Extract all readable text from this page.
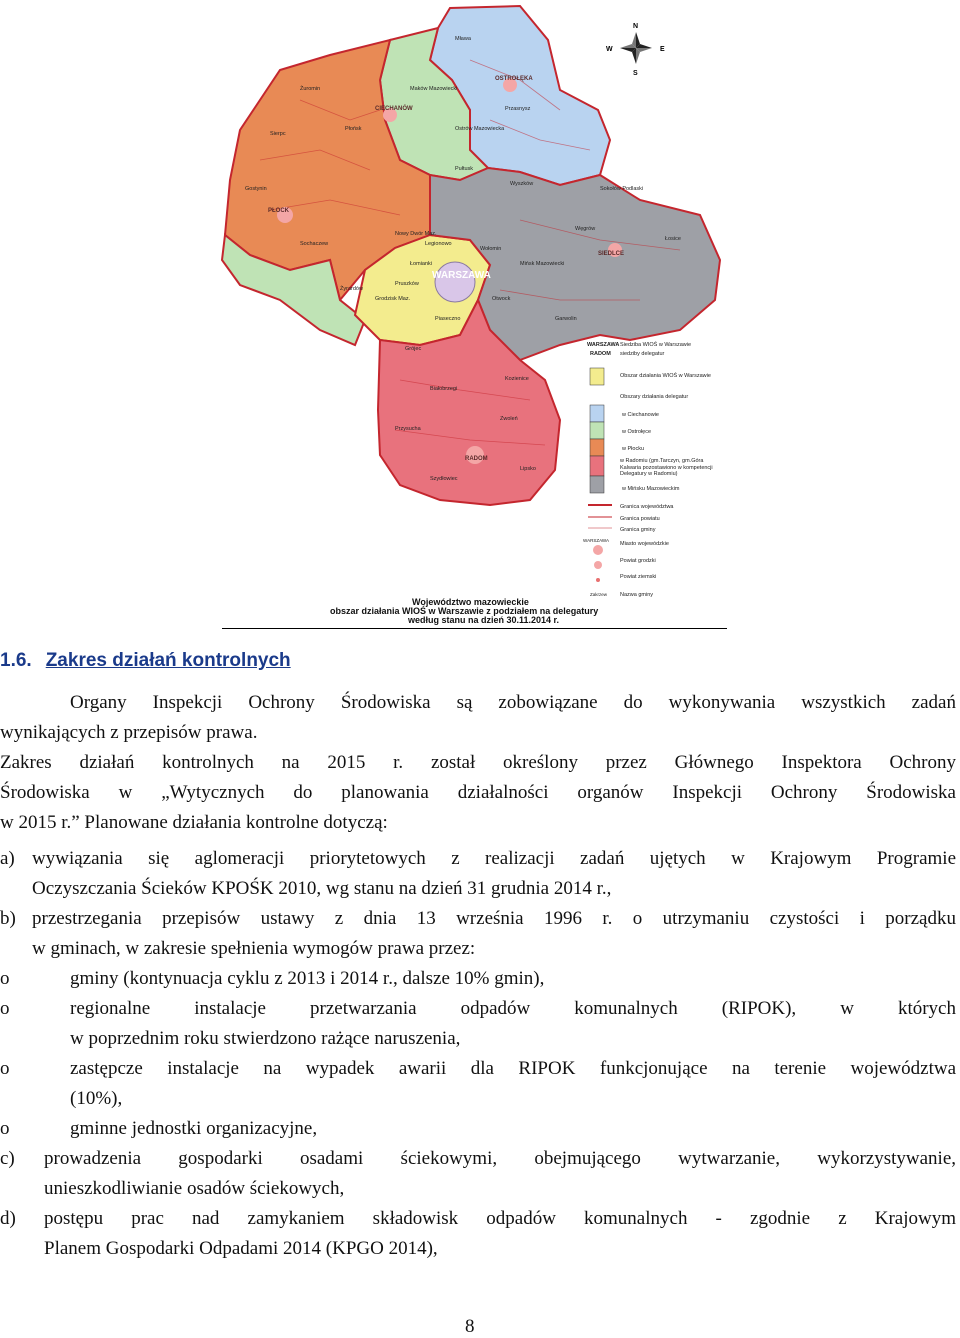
WARSZAWA
Mława
Przasnysz
Płońsk
Pułtusk
Wyszków
Sokołów Podlaski
Węgrów
Mińsk Mazowiecki
Garwolin
Otwock
Grójec
Piaseczno
Sochaczew
Gostynin
Sierpc
Żuromin	Maków Mazowiecki
Ostrów Mazowiecka
Łosice
Kozienice
Zwoleń
Lipsko
Szydłowiec
Przysucha
Białobrzegi
Żyrardów
Grodzisk Maz.
Pruszków
Legionowo
Nowy Dwór Maz.
Wołomin
Łomianki
CIECHANÓW
OSTROŁĘKA
PŁOCK
SIEDLCE
RADOM
N
W	E
S
WARSZAWA Siedziba WIOŚ w Warszawie
RADOM siedziby delegatur
Obszar działania WIOŚ w Warszawie
Obszary działania delegatur
w Ciechanowie
w Ostrołęce
w Płocku
w Radomiu (gm.Tarczyn, gm.Góra Kalwaria pozostawiono w kompetencji Delegatury w Radomiu)
w Mińsku Mazowieckim
Granica województwa
Granica powiatu
Granica gminy
WARSZAWA
Miasto wojewódzkie
Powiat grodzki
Powiat ziemski
Zakrzew Nazwa gminy
Województwo mazowieckie
obszar działania WIOŚ w Warszawie z podziałem na delegatury
według stanu na dzień 30.11.2014 r.
1.6. Zakres działań kontrolnych

Organy Inspekcji Ochrony Środowiska są zobowiązane do wykonywania wszystkich zadań

wynikających z przepisów prawa.

Zakres działań kontrolnych na 2015 r. został określony przez Głównego Inspektora Ochrony

Środowiska w „Wytycznych do planowania działalności organów Inspekcji Ochrony Środowiska

w 2015 r.” Planowane działania kontrolne dotyczą:

a) wywiązania się aglomeracji priorytetowych z realizacji zadań ujętych w Krajowym Programie

Oczyszczania Ścieków KPOŚK 2010, wg stanu na dzień 31 grudnia 2014 r.,

b) przestrzegania przepisów ustawy z dnia 13 września 1996 r. o utrzymaniu czystości i porządku

w gminach, w zakresie spełnienia wymogów prawa przez:

o	gminy (kontynuacja cyklu z 2013 i 2014 r., dalsze 10% gmin),

o	regionalne instalacje przetwarzania odpadów komunalnych (RIPOK), w których

w poprzednim roku stwierdzono rażące naruszenia,

o	zastępcze instalacje na wypadek awarii dla RIPOK funkcjonujące na terenie województwa

(10%),

o	gminne jednostki organizacyjne,

c)	prowadzenia gospodarki osadami ściekowymi, obejmującego wytwarzanie, wykorzystywanie,

unieszkodliwianie osadów ściekowych,

d)	postępu prac nad zamykaniem składowisk odpadów komunalnych - zgodnie z Krajowym

Planem Gospodarki Odpadami 2014 (KPGO 2014),

8
